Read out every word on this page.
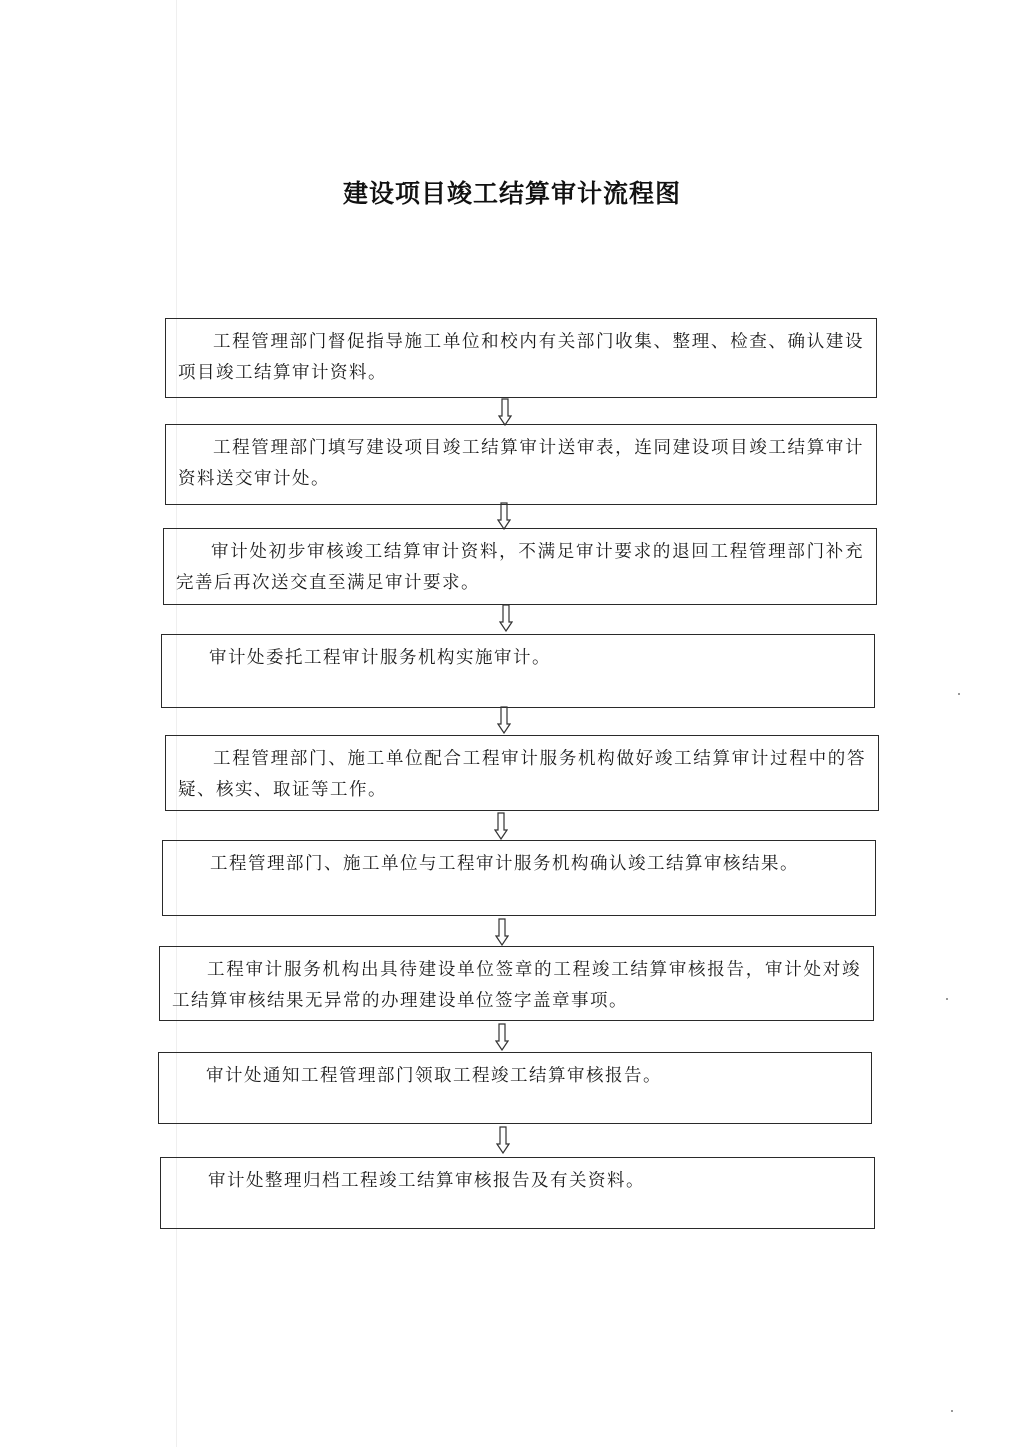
建设项目竣工结算审计流程图
工程管理部门督促指导施工单位和校内有关部门收集、整理、检查、确认建设项目竣工结算审计资料。
工程管理部门填写建设项目竣工结算审计送审表，连同建设项目竣工结算审计资料送交审计处。
审计处初步审核竣工结算审计资料，不满足审计要求的退回工程管理部门补充完善后再次送交直至满足审计要求。
审计处委托工程审计服务机构实施审计。
工程管理部门、施工单位配合工程审计服务机构做好竣工结算审计过程中的答疑、核实、取证等工作。
工程管理部门、施工单位与工程审计服务机构确认竣工结算审核结果。
工程审计服务机构出具待建设单位签章的工程竣工结算审核报告，审计处对竣工结算审核结果无异常的办理建设单位签字盖章事项。
审计处通知工程管理部门领取工程竣工结算审核报告。
审计处整理归档工程竣工结算审核报告及有关资料。
